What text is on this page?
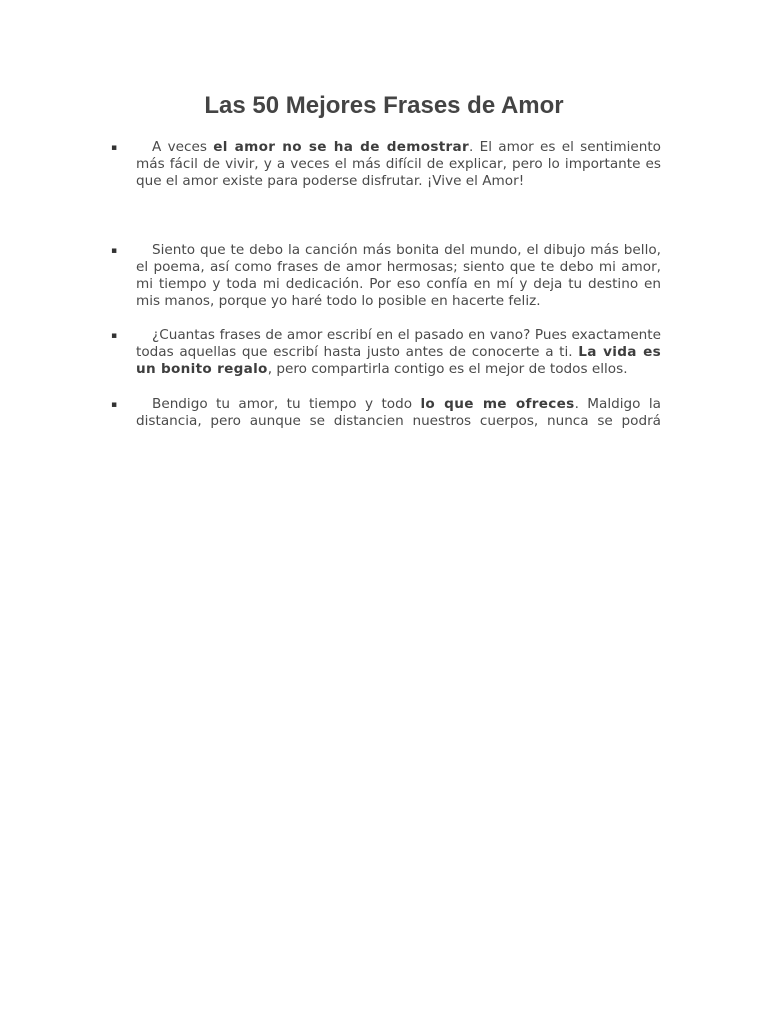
Las 50 Mejores Frases de Amor
▪	A veces el amor no se ha de demostrar. El amor es el sentimiento más fácil de vivir, y a veces el más difícil de explicar, pero lo importante es que el amor existe para poderse disfrutar. ¡Vive el Amor!
▪	Siento que te debo la canción más bonita del mundo, el dibujo más bello, el poema, así como frases de amor hermosas; siento que te debo mi amor, mi tiempo y toda mi dedicación. Por eso confía en mí y deja tu destino en mis manos, porque yo haré todo lo posible en hacerte feliz.
▪	¿Cuantas frases de amor escribí en el pasado en vano? Pues exactamente todas aquellas que escribí hasta justo antes de conocerte a ti. La vida es un bonito regalo, pero compartirla contigo es el mejor de todos ellos.
▪	Bendigo tu amor, tu tiempo y todo lo que me ofreces. Maldigo la distancia, pero aunque se distancien nuestros cuerpos, nunca se podrá
